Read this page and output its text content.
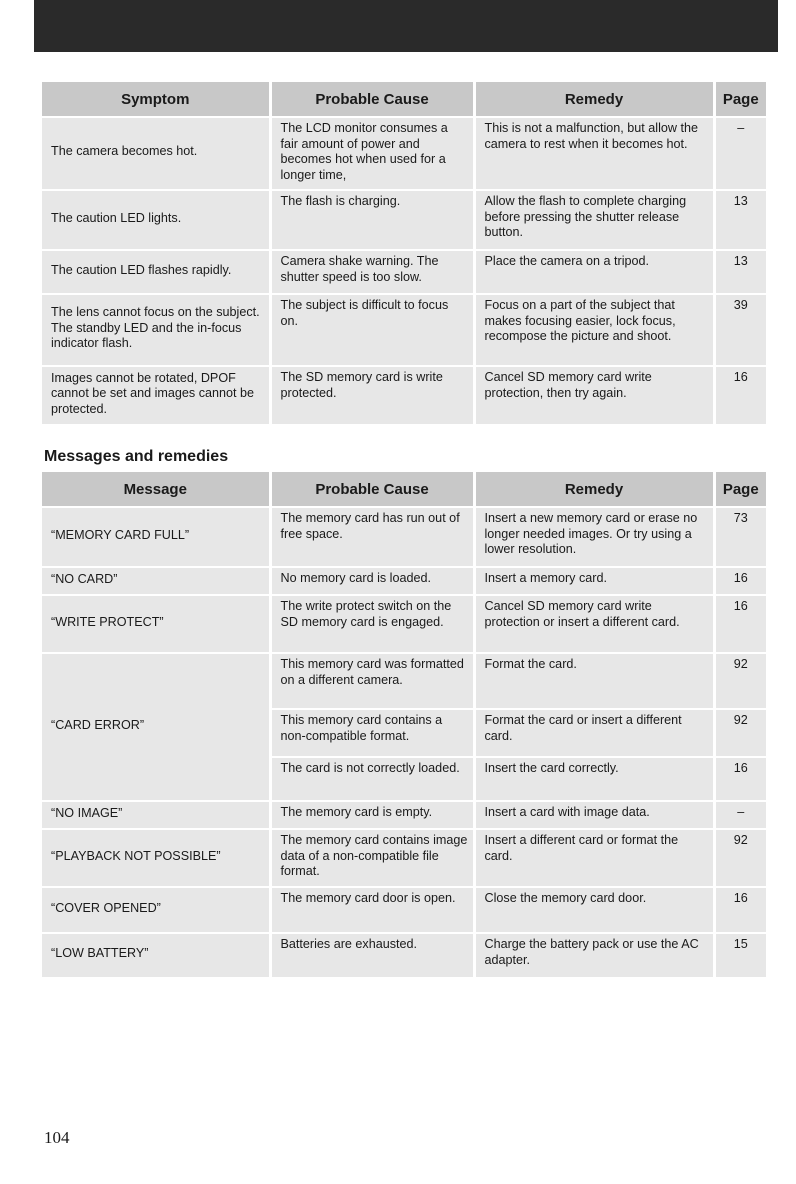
Symptom	Probable Cause	Remedy	Page
The camera becomes hot.	The LCD monitor consumes a fair amount of power and becomes hot when used for a longer time,	This is not a malfunction, but allow the camera to rest when it becomes hot.	–
The caution LED lights.	The flash is charging.	Allow the flash to complete charging before pressing the shutter release button.	13
The caution LED flashes rapidly.	Camera shake warning. The shutter speed is too slow.	Place the camera on a tripod.	13
The lens cannot focus on the subject. The standby LED and the in-focus indicator flash.	The subject is difficult to focus on.	Focus on a part of the subject that makes focusing easier, lock focus, recompose the picture and shoot.	39
Images cannot be rotated, DPOF cannot be set and images cannot be protected.	The SD memory card is write protected.	Cancel SD memory card write protection, then try again.	16
Messages and remedies
Message	Probable Cause	Remedy	Page
“MEMORY CARD FULL”	The memory card has run out of free space.	Insert a new memory card or erase no longer needed images. Or try using a lower resolution.	73
“NO CARD”	No memory card is loaded.	Insert a memory card.	16
“WRITE PROTECT”	The write protect switch on the SD memory card is engaged.	Cancel SD memory card write protection or insert a different card.	16
“CARD ERROR”	This memory card was formatted on a different camera.	Format the card.	92
	This memory card contains a non-compatible format.	Format the card or insert a different card.	92
	The card is not correctly loaded.	Insert the card correctly.	16
“NO IMAGE”	The memory card is empty.	Insert a card with image data.	–
“PLAYBACK NOT POSSIBLE”	The memory card contains image data of a non-compatible file format.	Insert a different card or format the card.	92
“COVER OPENED”	The memory card door is open.	Close the memory card door.	16
“LOW BATTERY”	Batteries are exhausted.	Charge the battery pack or use the AC adapter.	15
104
